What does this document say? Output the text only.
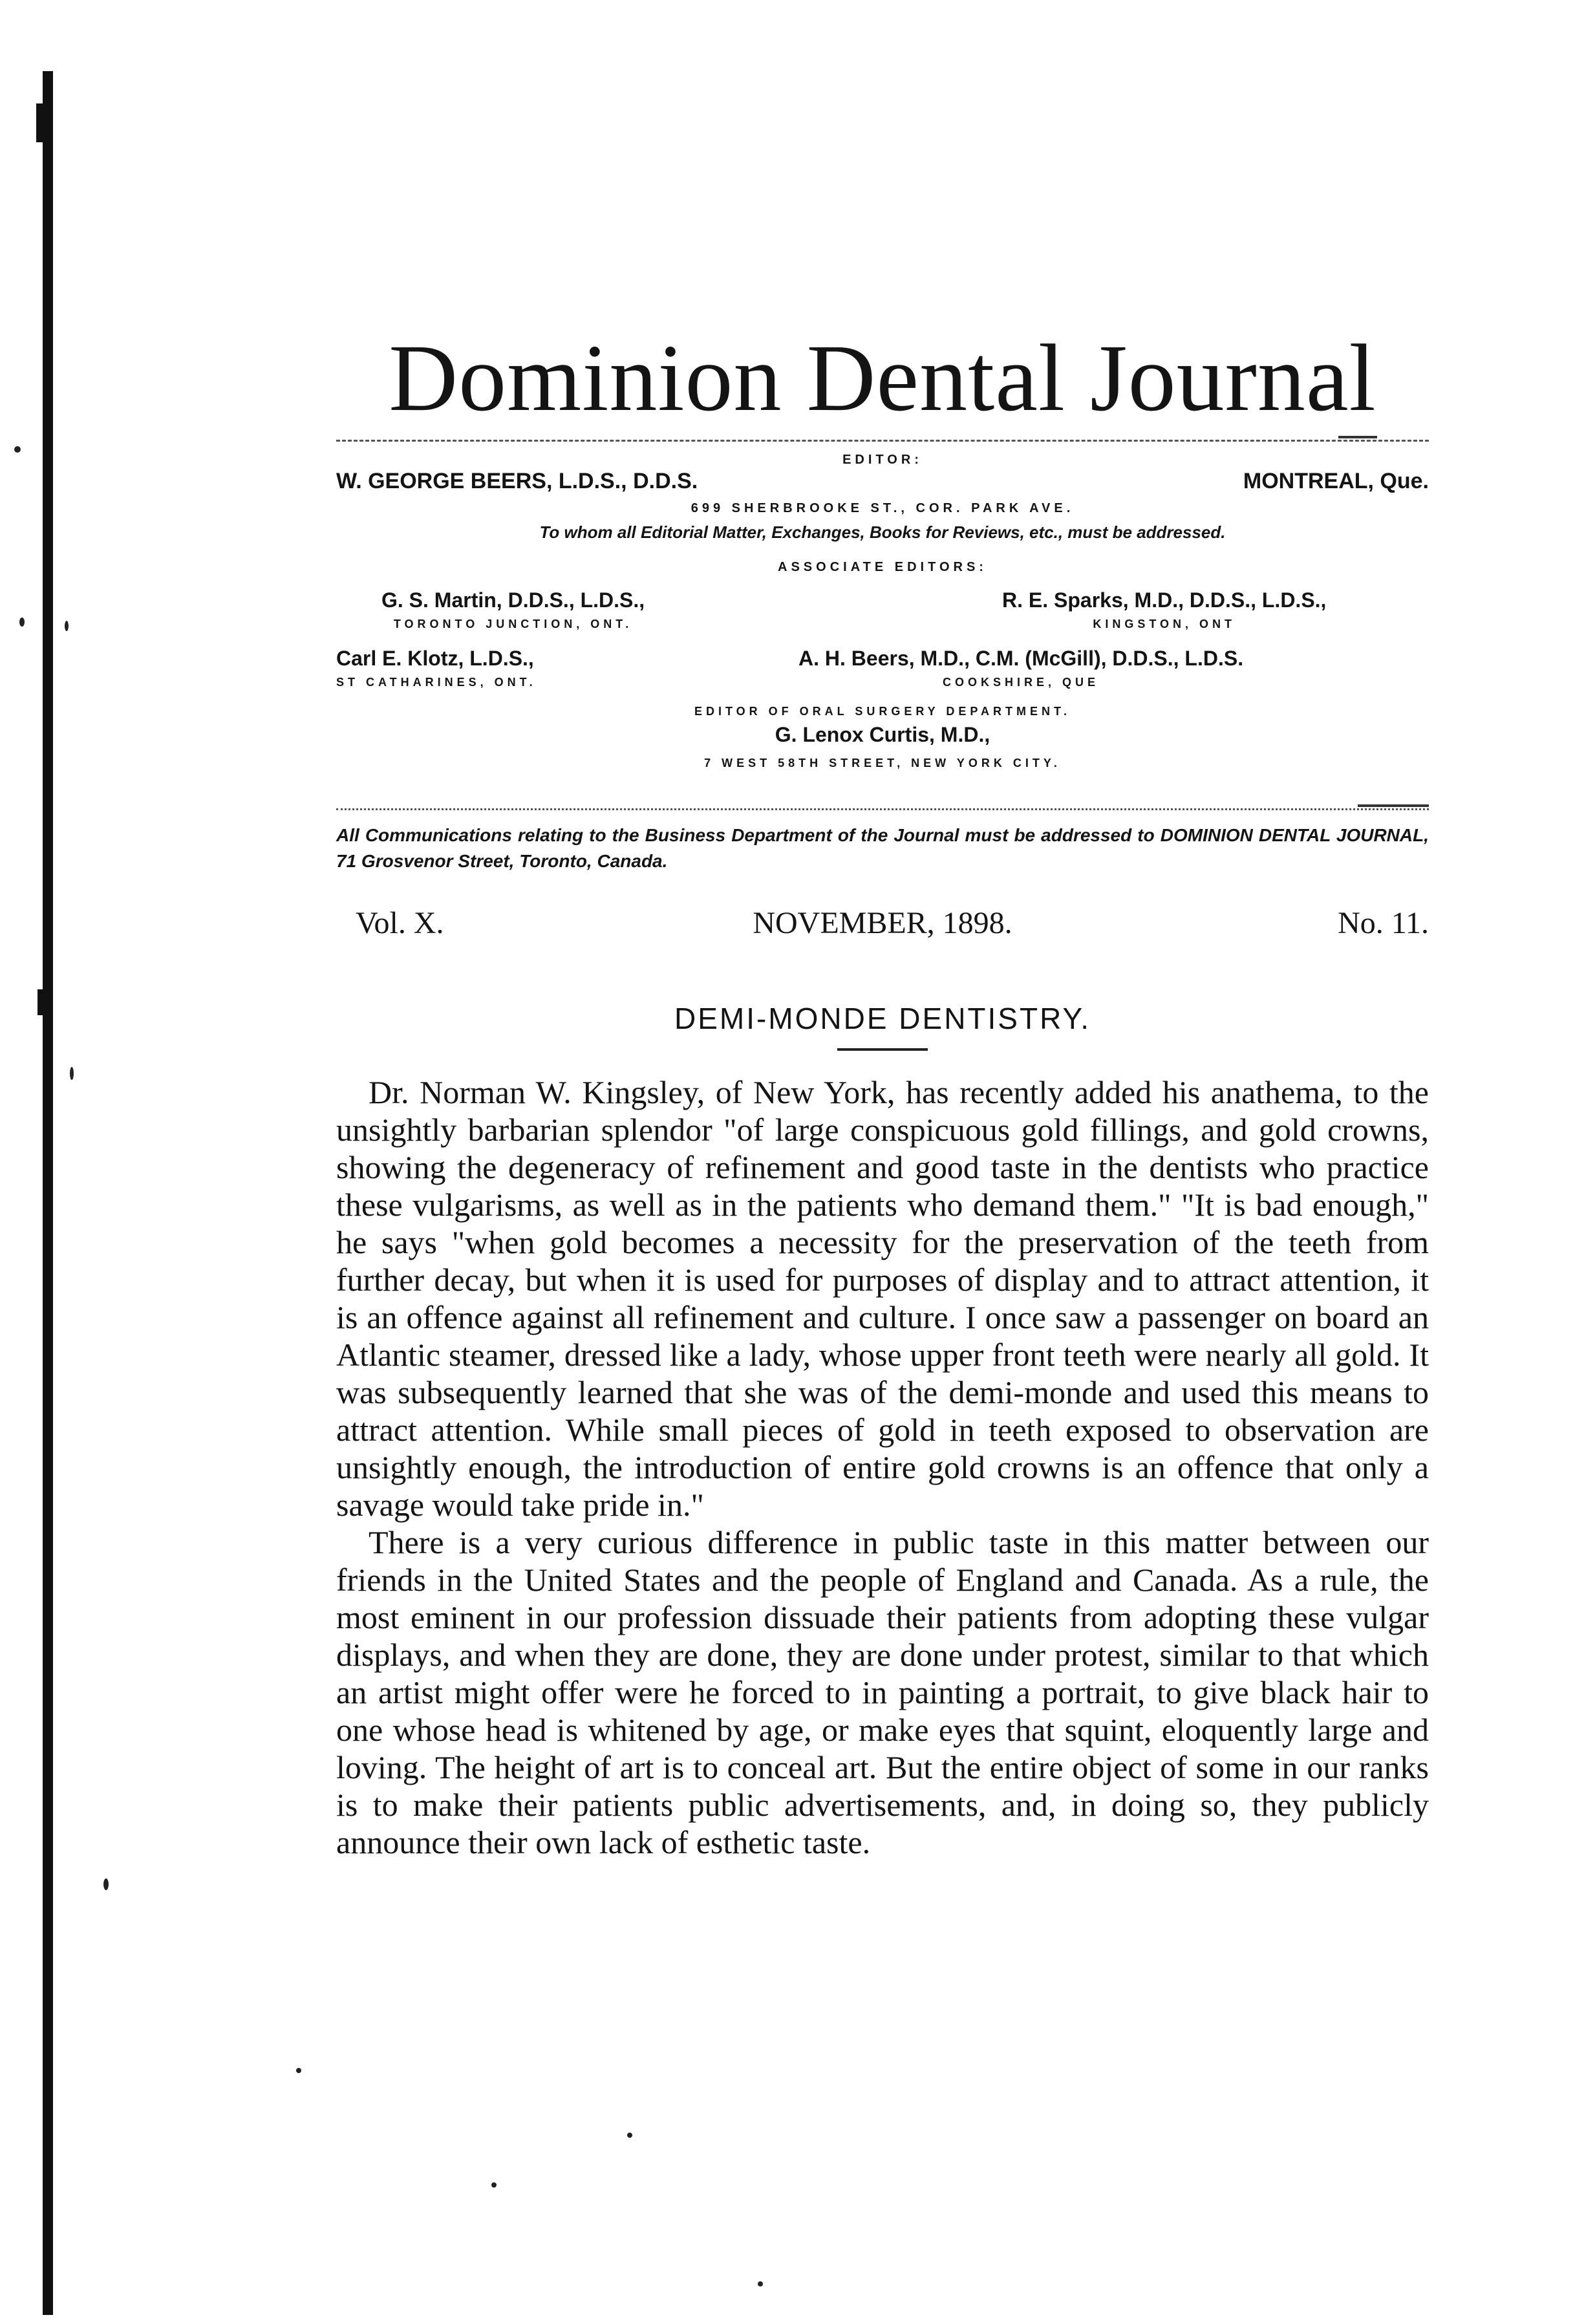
Dominion Dental Journal
EDITOR:
W. GEORGE BEERS, L.D.S., D.D.S.	MONTREAL, Que.
699 SHERBROOKE ST., COR. PARK AVE.
To whom all Editorial Matter, Exchanges, Books for Reviews, etc., must be addressed.
ASSOCIATE EDITORS:
G. S. Martin, D.D.S., L.D.S.,
TORONTO JUNCTION, ONT.
R. E. Sparks, M.D., D.D.S., L.D.S.,
KINGSTON, ONT
Carl E. Klotz, L.D.S.,
ST CATHARINES, ONT.
A. H. Beers, M.D., C.M. (McGill), D.D.S., L.D.S.
COOKSHIRE, QUE
EDITOR OF ORAL SURGERY DEPARTMENT.
G. Lenox Curtis, M.D.,
7 WEST 58TH STREET, NEW YORK CITY.
All Communications relating to the Business Department of the Journal must be addressed to DOMINION DENTAL JOURNAL, 71 Grosvenor Street, Toronto, Canada.
Vol. X.	NOVEMBER, 1898.	No. 11.
DEMI-MONDE DENTISTRY.

Dr. Norman W. Kingsley, of New York, has recently added his anathema, to the unsightly barbarian splendor "of large conspicuous gold fillings, and gold crowns, showing the degeneracy of refinement and good taste in the dentists who practice these vulgarisms, as well as in the patients who demand them." "It is bad enough," he says "when gold becomes a necessity for the preservation of the teeth from further decay, but when it is used for purposes of display and to attract attention, it is an offence against all refinement and culture. I once saw a passenger on board an Atlantic steamer, dressed like a lady, whose upper front teeth were nearly all gold. It was subsequently learned that she was of the demi-monde and used this means to attract attention. While small pieces of gold in teeth exposed to observation are unsightly enough, the introduction of entire gold crowns is an offence that only a savage would take pride in."

There is a very curious difference in public taste in this matter between our friends in the United States and the people of England and Canada. As a rule, the most eminent in our profession dissuade their patients from adopting these vulgar displays, and when they are done, they are done under protest, similar to that which an artist might offer were he forced to in painting a portrait, to give black hair to one whose head is whitened by age, or make eyes that squint, eloquently large and loving. The height of art is to conceal art. But the entire object of some in our ranks is to make their patients public advertisements, and, in doing so, they publicly announce their own lack of esthetic taste.
